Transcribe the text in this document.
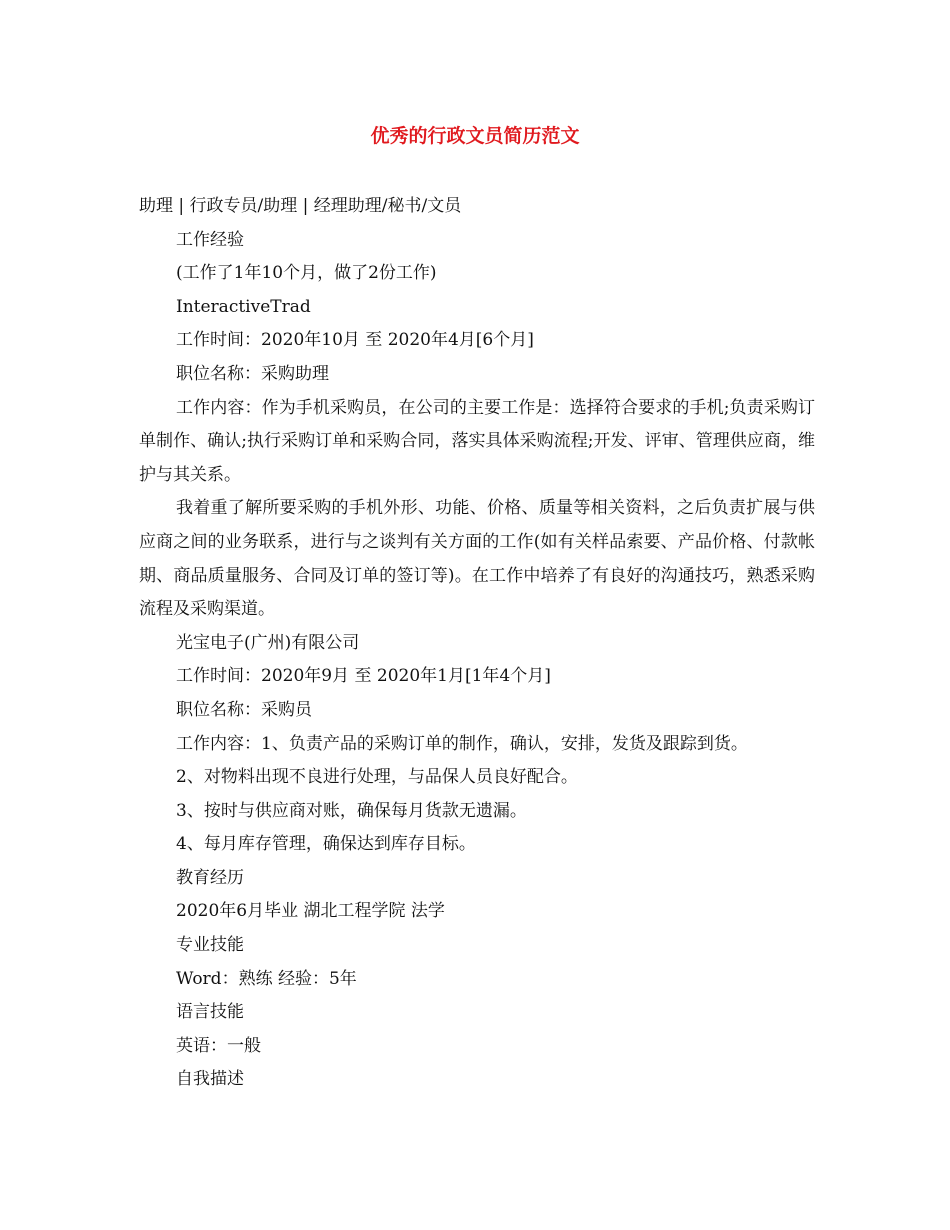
优秀的行政文员简历范文

助理 | 行政专员/助理 | 经理助理/秘书/文员

工作经验

(工作了1年10个月，做了2份工作)

InteractiveTrad

工作时间：2020年10月 至 2020年4月[6个月]

职位名称：采购助理

工作内容：作为手机采购员，在公司的主要工作是：选择符合要求的手机;负责采购订单制作、确认;执行采购订单和采购合同，落实具体采购流程;开发、评审、管理供应商，维护与其关系。

我着重了解所要采购的手机外形、功能、价格、质量等相关资料，之后负责扩展与供应商之间的业务联系，进行与之谈判有关方面的工作(如有关样品索要、产品价格、付款帐期、商品质量服务、合同及订单的签订等)。在工作中培养了有良好的沟通技巧，熟悉采购流程及采购渠道。

光宝电子(广州)有限公司

工作时间：2020年9月 至 2020年1月[1年4个月]

职位名称：采购员

工作内容：1、负责产品的采购订单的制作，确认，安排，发货及跟踪到货。

2、对物料出现不良进行处理，与品保人员良好配合。

3、按时与供应商对账，确保每月货款无遗漏。

4、每月库存管理，确保达到库存目标。

教育经历

2020年6月毕业 湖北工程学院 法学

专业技能

Word：熟练 经验：5年

语言技能

英语：一般

自我描述
